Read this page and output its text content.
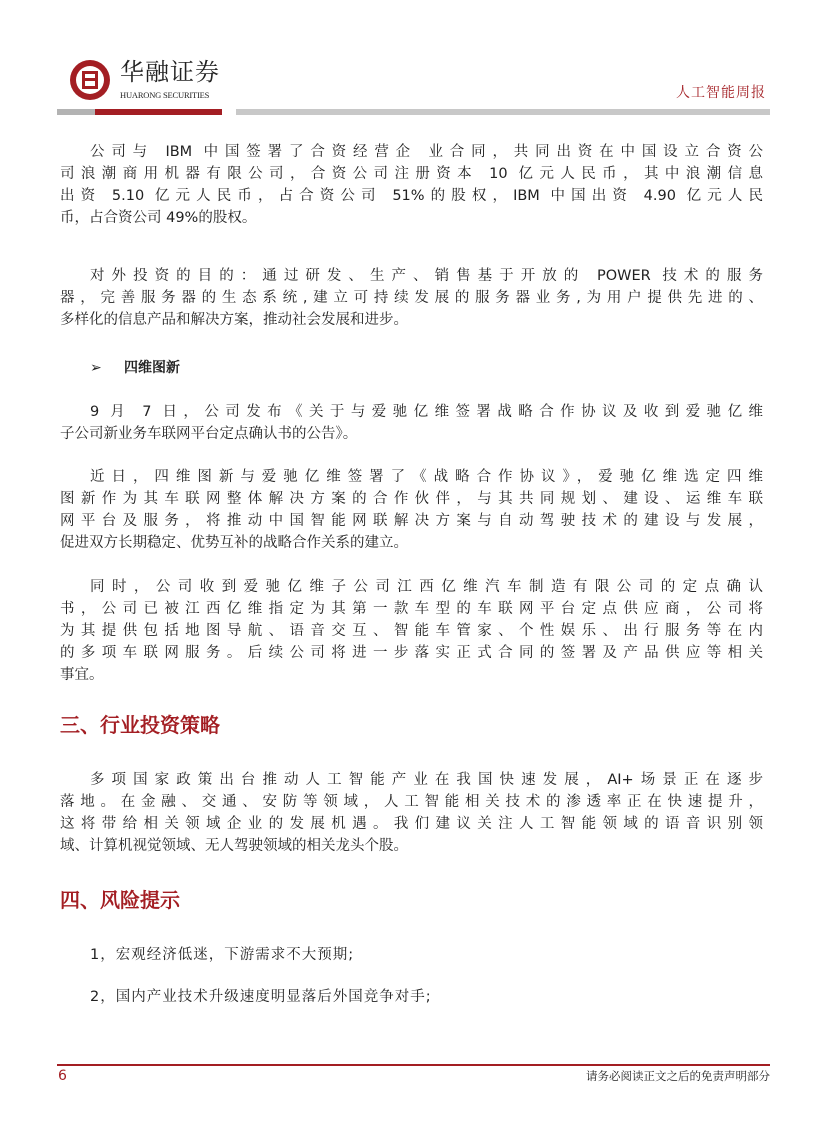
华融证券
HUARONG SECURITIES	人工智能周报
公司与 IBM 中国签署了合资经营企 业合同，共同出资在中国设立合资公
司浪潮商用机器有限公司，合资公司注册资本 10 亿元人民币，其中浪潮信息
出资 5.10 亿元人民币，占合资公司 51%的股权，IBM 中国出资 4.90 亿元人民
币，占合资公司 49%的股权。
对外投资的目的：通过研发、生产、销售基于开放的 POWER 技术的服务
器，完善服务器的生态系统,建立可持续发展的服务器业务,为用户提供先进的、
多样化的信息产品和解决方案，推动社会发展和进步。
➢ 四维图新
9 月 7 日，公司发布《关于与爱驰亿维签署战略合作协议及收到爱驰亿维
子公司新业务车联网平台定点确认书的公告》。
近日，四维图新与爱驰亿维签署了《战略合作协议》，爱驰亿维选定四维
图新作为其车联网整体解决方案的合作伙伴，与其共同规划、建设、运维车联
网平台及服务，将推动中国智能网联解决方案与自动驾驶技术的建设与发展，
促进双方长期稳定、优势互补的战略合作关系的建立。
同时，公司收到爱驰亿维子公司江西亿维汽车制造有限公司的定点确认
书，公司已被江西亿维指定为其第一款车型的车联网平台定点供应商，公司将
为其提供包括地图导航、语音交互、智能车管家、个性娱乐、出行服务等在内
的多项车联网服务。后续公司将进一步落实正式合同的签署及产品供应等相关
事宜。
三、行业投资策略
多项国家政策出台推动人工智能产业在我国快速发展，AI+场景正在逐步
落地。在金融、交通、安防等领域，人工智能相关技术的渗透率正在快速提升，
这将带给相关领域企业的发展机遇。我们建议关注人工智能领域的语音识别领
域、计算机视觉领域、无人驾驶领域的相关龙头个股。
四、风险提示
1，宏观经济低迷，下游需求不大预期;
2，国内产业技术升级速度明显落后外国竞争对手;
6	请务必阅读正文之后的免责声明部分
